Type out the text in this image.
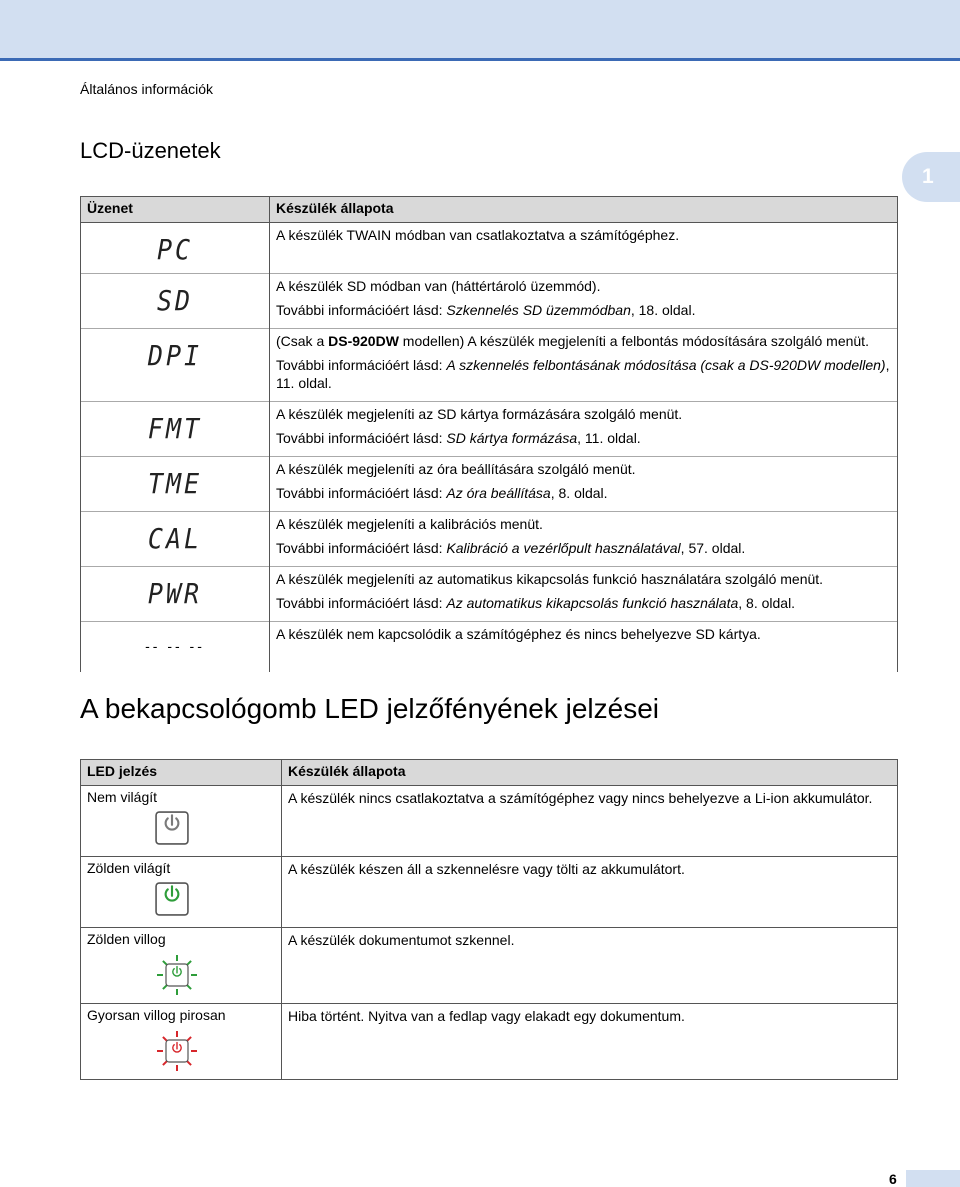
Általános információk
1
LCD-üzenetek
Üzenet	Készülék állapota
PC	A készülék TWAIN módban van csatlakoztatva a számítógéphez.

SD	A készülék SD módban van (háttértároló üzemmód).

További információért lásd: Szkennelés SD üzemmódban, 18. oldal.

DPI	(Csak a DS-920DW modellen) A készülék megjeleníti a felbontás módosítására szolgáló menüt.

További információért lásd: A szkennelés felbontásának módosítása (csak a DS-920DW modellen), 11. oldal.

FMT	A készülék megjeleníti az SD kártya formázására szolgáló menüt.

További információért lásd: SD kártya formázása, 11. oldal.

TME	A készülék megjeleníti az óra beállítására szolgáló menüt.

További információért lásd: Az óra beállítása, 8. oldal.

CAL	A készülék megjeleníti a kalibrációs menüt.

További információért lásd: Kalibráció a vezérlőpult használatával, 57. oldal.

PWR	A készülék megjeleníti az automatikus kikapcsolás funkció használatára szolgáló menüt.

További információért lásd: Az automatikus kikapcsolás funkció használata, 8. oldal.

-- -- --	A készülék nem kapcsolódik a számítógéphez és nincs behelyezve SD kártya.

A bekapcsológomb LED jelzőfényének jelzései
LED jelzés	Készülék állapota

Nem világít	A készülék nincs csatlakoztatva a számítógéphez vagy nincs behelyezve a Li-ion akkumulátor.

Zölden világít	A készülék készen áll a szkennelésre vagy tölti az akkumulátort.

Zölden villog	A készülék dokumentumot szkennel.

Gyorsan villog pirosan	Hiba történt. Nyitva van a fedlap vagy elakadt egy dokumentum.
6
